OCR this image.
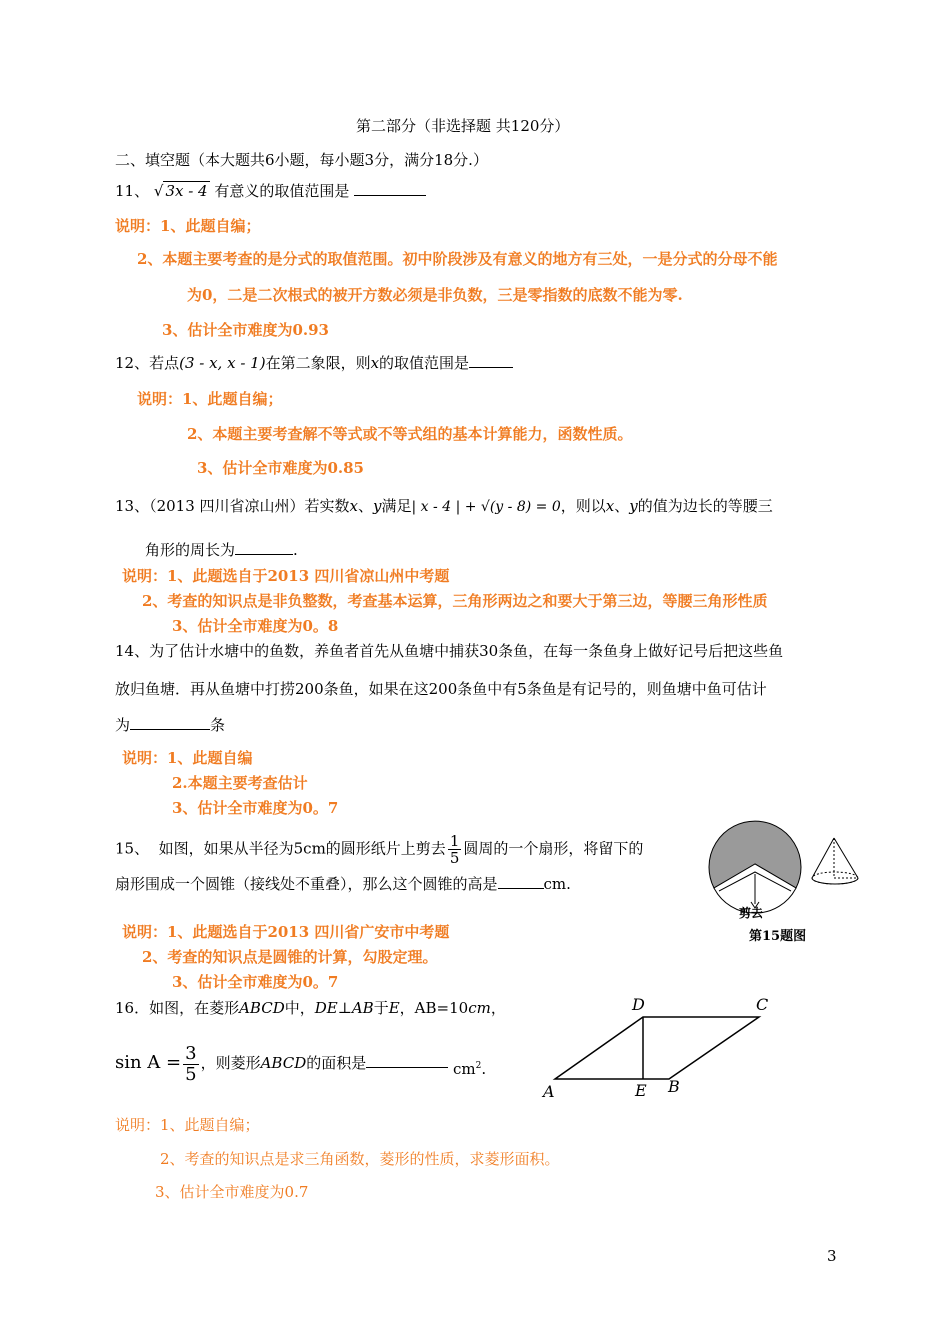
第二部分（非选择题 共120分）
二、填空题（本大题共6小题，每小题3分，满分18分.）
11、 √ 3x - 4 有意义的取值范围是
说明：1、此题自编；
2、本题主要考查的是分式的取值范围。初中阶段涉及有意义的地方有三处，一是分式的分母不能
为0，二是二次根式的被开方数必须是非负数，三是零指数的底数不能为零.
3、估计全市难度为0.93
12、若点(3 - x, x - 1)在第二象限，则x的取值范围是
说明：1、此题自编；
2、本题主要考查解不等式或不等式组的基本计算能力，函数性质。
3、估计全市难度为0.85
13、（2013 四川省凉山州）若实数x、y满足| x - 4 | + √(y - 8) = 0，则以x、y的值为边长的等腰三
角形的周长为	.
说明：1、此题选自于2013 四川省凉山州中考题
2、考查的知识点是非负整数，考查基本运算，三角形两边之和要大于第三边，等腰三角形性质
3、估计全市难度为0。8
14、为了估计水塘中的鱼数，养鱼者首先从鱼塘中捕获30条鱼，在每一条鱼身上做好记号后把这些鱼
放归鱼塘．再从鱼塘中打捞200条鱼，如果在这200条鱼中有5条鱼是有记号的，则鱼塘中鱼可估计
为	条
说明：1、此题自编
2.本题主要考查估计
3、估计全市难度为0。7
15、 如图，如果从半径为5cm的圆形纸片上剪去 $\frac{1}{5}$ 圆周的一个扇形，将留下的
扇形围成一个圆锥（接线处不重叠），那么这个圆锥的高是	cm.
剪去
第15题图
说明：1、此题选自于2013 四川省广安市中考题
2、考查的知识点是圆锥的计算，勾股定理。
3、估计全市难度为0。7
16．如图，在菱形ABCD中，DE⊥AB于E，AB=10cm，
$\sin A = \frac{3}{5}$ ，则菱形ABCD的面积是	$cm^2$.
D	C
A	E B
说明：1、此题自编；
2、考查的知识点是求三角函数，菱形的性质，求菱形面积。
3、估计全市难度为0.7
3
